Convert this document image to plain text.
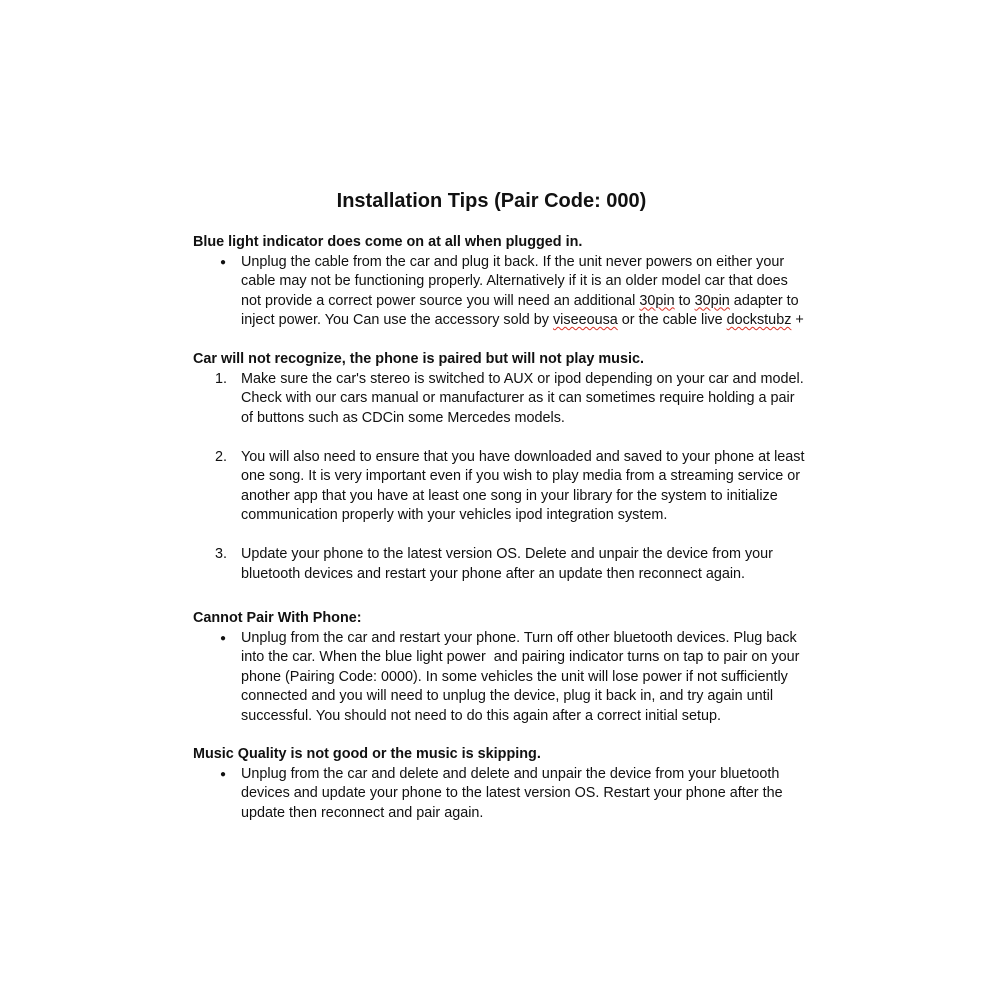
Installation Tips (Pair Code: 000)
Blue light indicator does come on at all when plugged in.
● Unplug the cable from the car and plug it back. If the unit never powers on either your
cable may not be functioning properly. Alternatively if it is an older model car that does
not provide a correct power source you will need an additional 30pin to 30pin adapter to
inject power. You Can use the accessory sold by viseeousa or the cable live dockstubz +
Car will not recognize, the phone is paired but will not play music.
1. Make sure the car's stereo is switched to AUX or ipod depending on your car and model.
Check with our cars manual or manufacturer as it can sometimes require holding a pair
of buttons such as CDCin some Mercedes models.
2. You will also need to ensure that you have downloaded and saved to your phone at least
one song. It is very important even if you wish to play media from a streaming service or
another app that you have at least one song in your library for the system to initialize
communication properly with your vehicles ipod integration system.
3. Update your phone to the latest version OS. Delete and unpair the device from your
bluetooth devices and restart your phone after an update then reconnect again.
Cannot Pair With Phone:
● Unplug from the car and restart your phone. Turn off other bluetooth devices. Plug back
into the car. When the blue light power  and pairing indicator turns on tap to pair on your
phone (Pairing Code: 0000). In some vehicles the unit will lose power if not sufficiently
connected and you will need to unplug the device, plug it back in, and try again until
successful. You should not need to do this again after a correct initial setup.
Music Quality is not good or the music is skipping.
● Unplug from the car and delete and delete and unpair the device from your bluetooth
devices and update your phone to the latest version OS. Restart your phone after the
update then reconnect and pair again.
